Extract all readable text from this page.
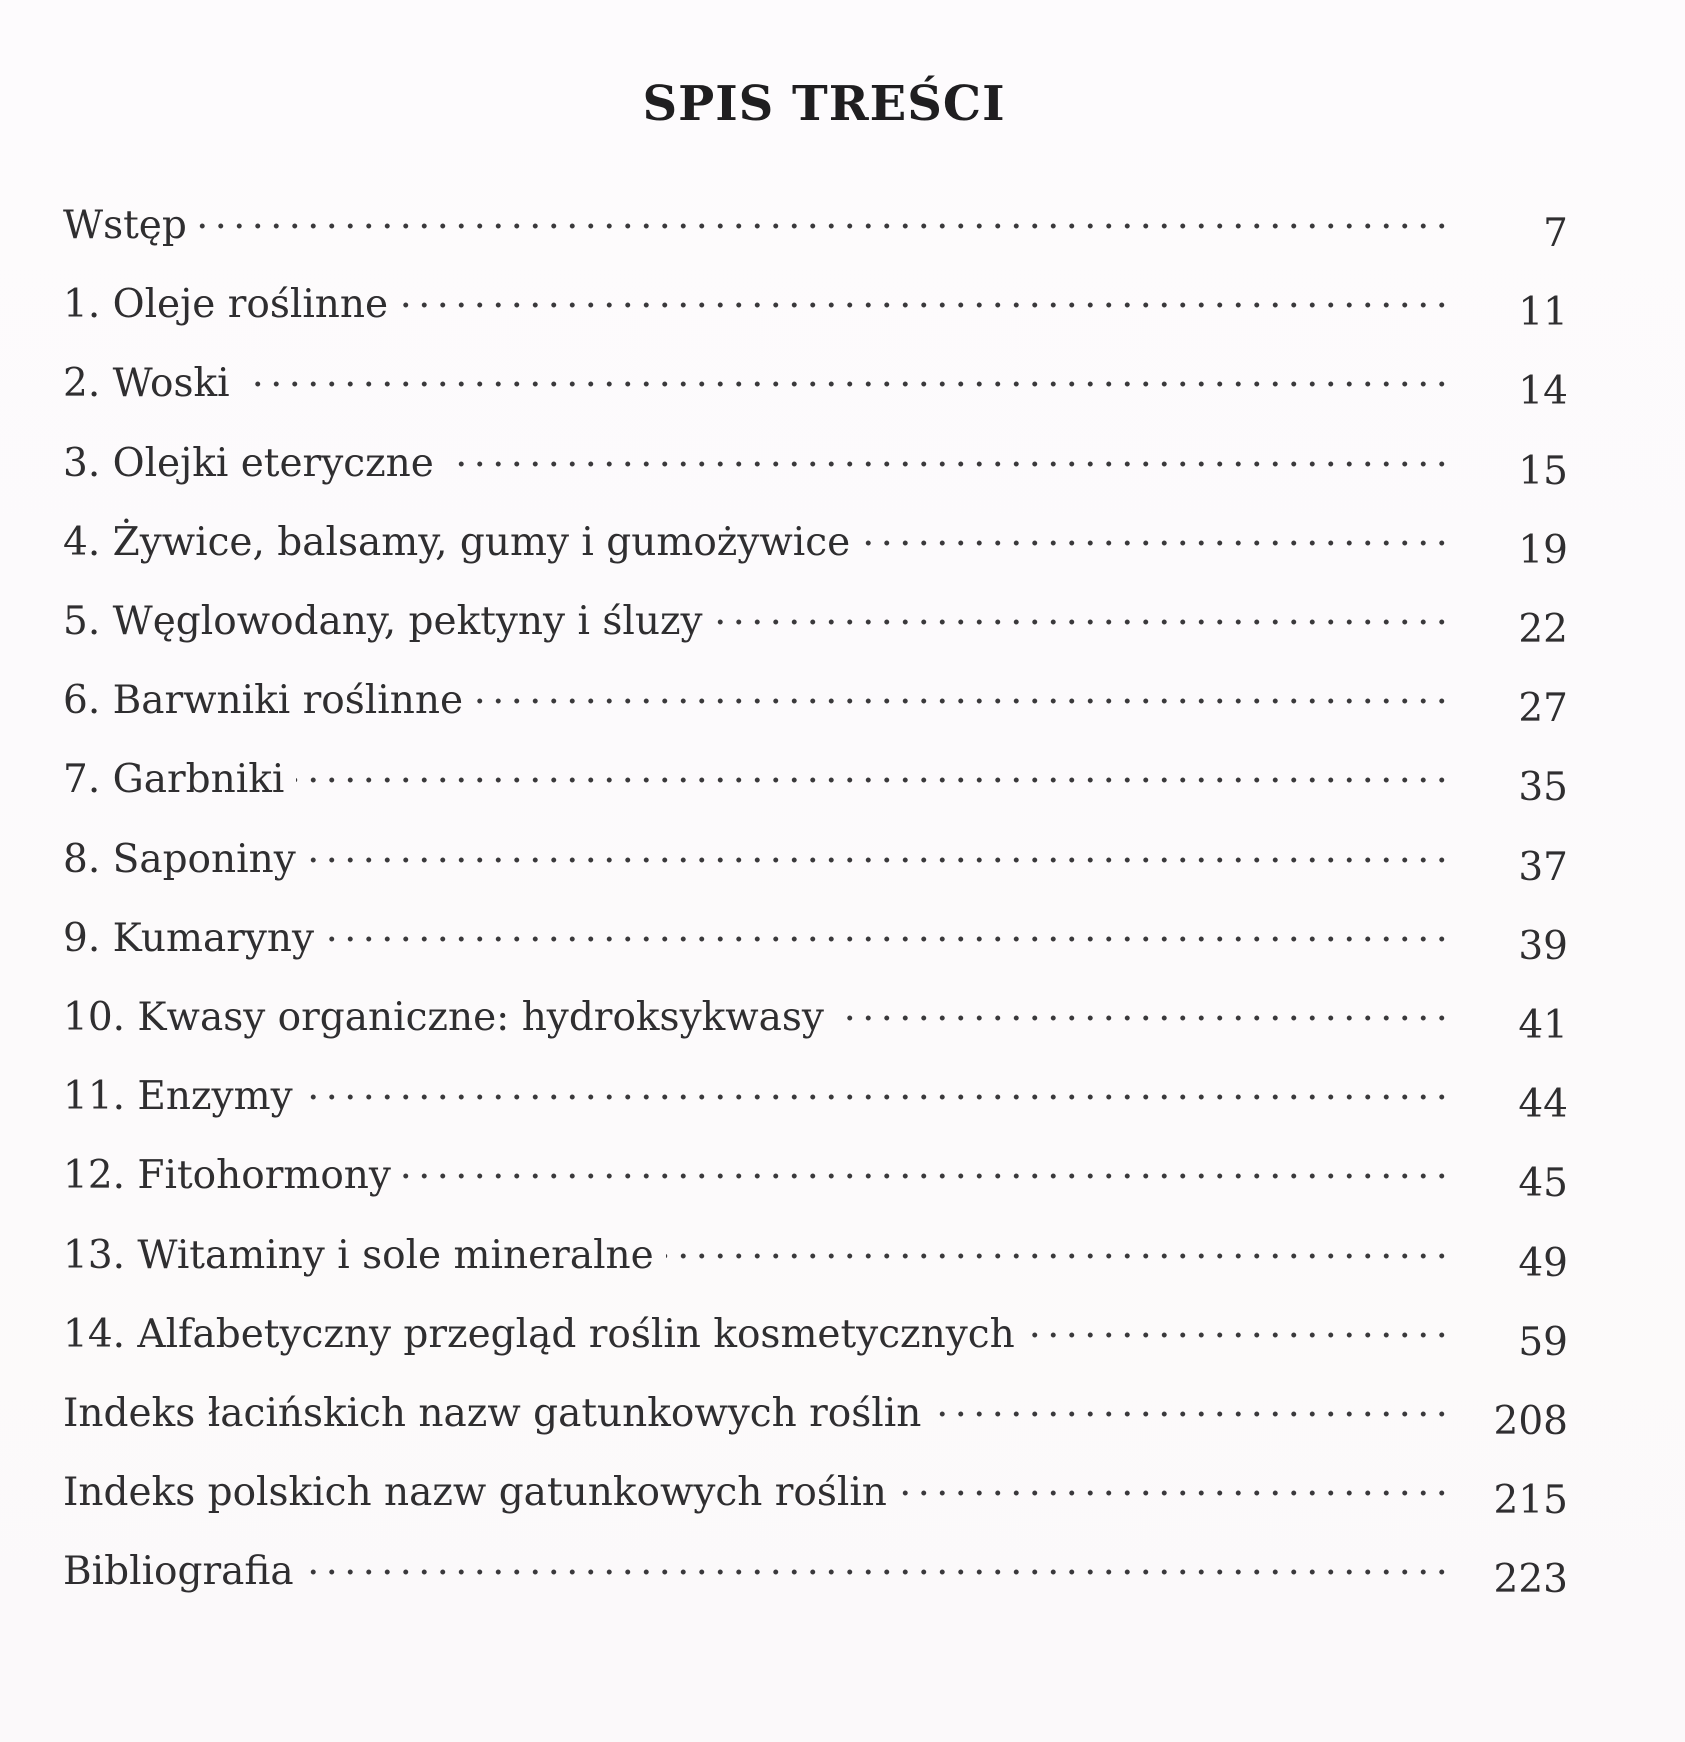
SPIS TREŚCI
Wstęp	7
1. Oleje roślinne	11
2. Woski	14
3. Olejki eteryczne	15
4. Żywice, balsamy, gumy i gumożywice	19
5. Węglowodany, pektyny i śluzy	22
6. Barwniki roślinne	27
7. Garbniki	35
8. Saponiny	37
9. Kumaryny	39
10. Kwasy organiczne: hydroksykwasy	41
11. Enzymy	44
12. Fitohormony	45
13. Witaminy i sole mineralne	49
14. Alfabetyczny przegląd roślin kosmetycznych	59
Indeks łacińskich nazw gatunkowych roślin	208
Indeks polskich nazw gatunkowych roślin	215
Bibliografia	223
